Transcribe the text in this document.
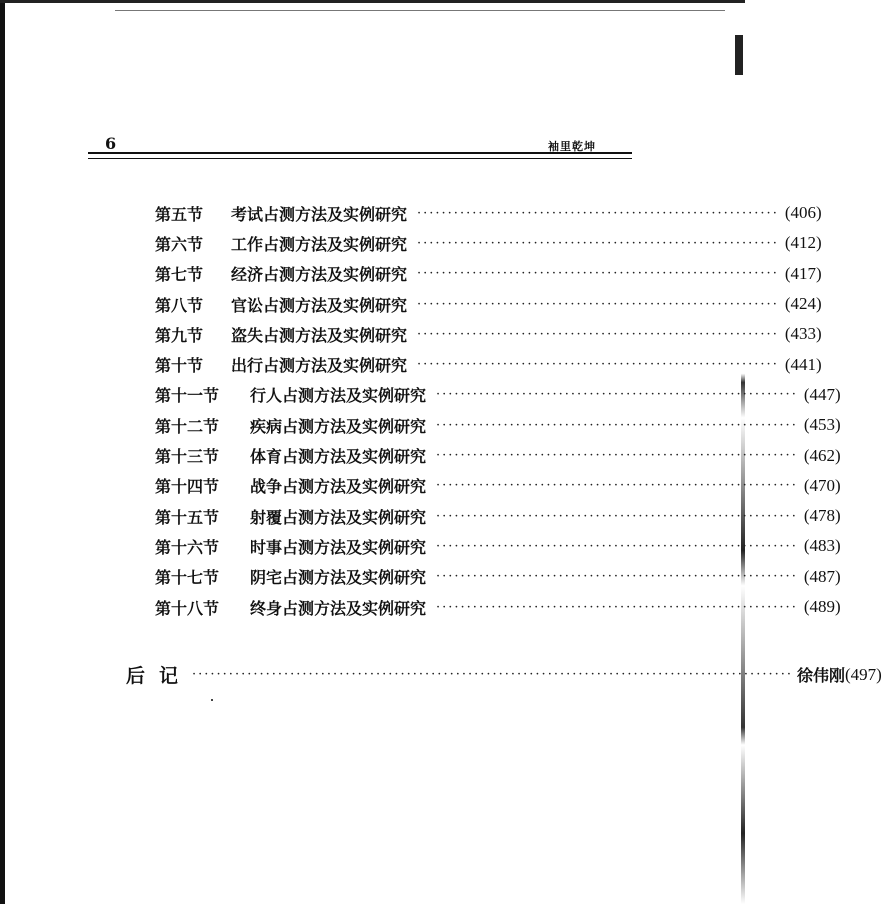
6	袖里乾坤
第五节	考试占测方法及实例研究 ··························································· (406)
第六节	工作占测方法及实例研究 ··························································· (412)
第七节	经济占测方法及实例研究 ··························································· (417)
第八节	官讼占测方法及实例研究 ··························································· (424)
第九节	盗失占测方法及实例研究 ··························································· (433)
第十节	出行占测方法及实例研究 ··························································· (441)
第十一节	行人占测方法及实例研究 ··························································· (447)
第十二节	疾病占测方法及实例研究 ··························································· (453)
第十三节	体育占测方法及实例研究 ··························································· (462)
第十四节	战争占测方法及实例研究 ··························································· (470)
第十五节	射覆占测方法及实例研究 ··························································· (478)
第十六节	时事占测方法及实例研究 ··························································· (483)
第十七节	阴宅占测方法及实例研究 ··························································· (487)
第十八节	终身占测方法及实例研究 ··························································· (489)
后记 ·································································································· 徐伟刚 (497)
